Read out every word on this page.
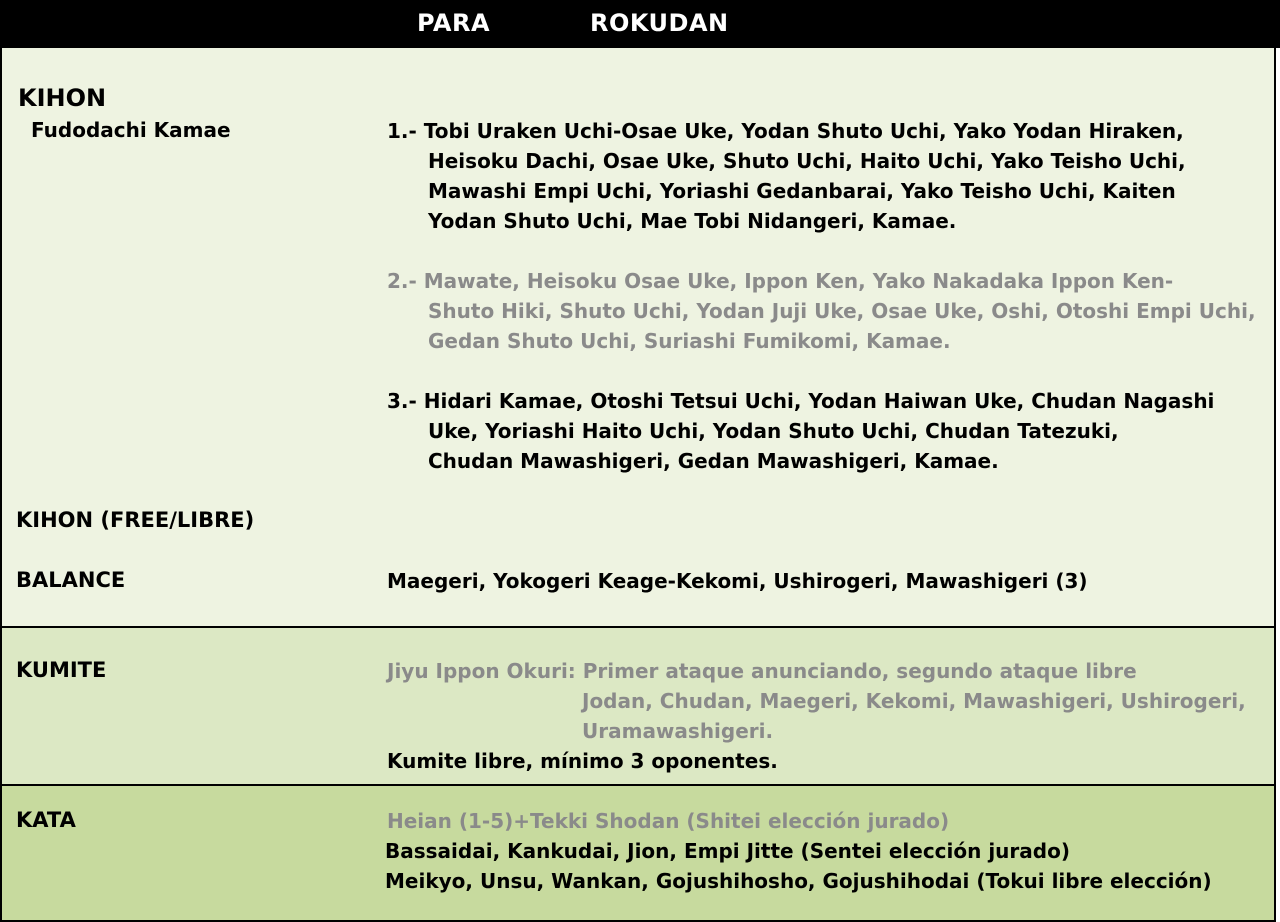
PARA	ROKUDAN
KIHON
Fudodachi Kamae	1.- Tobi Uraken Uchi-Osae Uke, Yodan Shuto Uchi, Yako Yodan Hiraken,
Heisoku Dachi, Osae Uke, Shuto Uchi, Haito Uchi, Yako Teisho Uchi,
Mawashi Empi Uchi, Yoriashi Gedanbarai, Yako Teisho Uchi, Kaiten
Yodan Shuto Uchi, Mae Tobi Nidangeri, Kamae.
2.- Mawate, Heisoku Osae Uke, Ippon Ken, Yako Nakadaka Ippon Ken-
Shuto Hiki, Shuto Uchi, Yodan Juji Uke, Osae Uke, Oshi, Otoshi Empi Uchi,
Gedan Shuto Uchi, Suriashi Fumikomi, Kamae.
3.- Hidari Kamae, Otoshi Tetsui Uchi, Yodan Haiwan Uke, Chudan Nagashi
Uke, Yoriashi Haito Uchi, Yodan Shuto Uchi, Chudan Tatezuki,
Chudan Mawashigeri, Gedan Mawashigeri, Kamae.
KIHON (FREE/LIBRE)
BALANCE	Maegeri, Yokogeri Keage-Kekomi, Ushirogeri, Mawashigeri (3)
KUMITE	Jiyu Ippon Okuri: Primer ataque anunciando, segundo ataque libre
Jodan, Chudan, Maegeri, Kekomi, Mawashigeri, Ushirogeri,
Uramawashigeri.
Kumite libre, mínimo 3 oponentes.
KATA	Heian (1-5)+Tekki Shodan (Shitei elección jurado)
Bassaidai, Kankudai, Jion, Empi Jitte (Sentei elección jurado)
Meikyo, Unsu, Wankan, Gojushihosho, Gojushihodai (Tokui libre elección)
